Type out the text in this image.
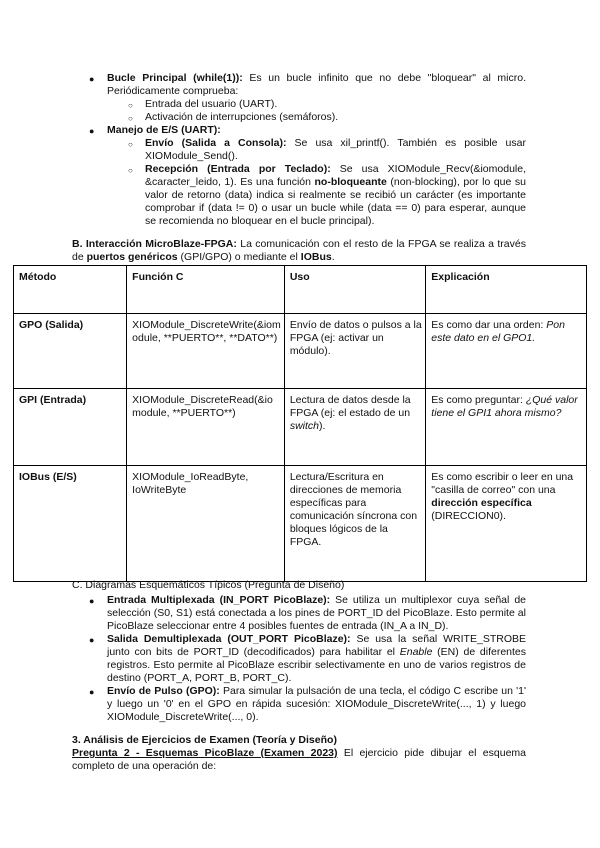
● Bucle Principal (while(1)): Es un bucle infinito que no debe "bloquear" al micro. Periódicamente comprueba:
○ Entrada del usuario (UART).
○ Activación de interrupciones (semáforos).
● Manejo de E/S (UART):
○ Envío (Salida a Consola): Se usa xil_printf(). También es posible usar XIOModule_Send().
○ Recepción (Entrada por Teclado): Se usa XIOModule_Recv(&iomodule, &caracter_leido, 1). Es una función no-bloqueante (non-blocking), por lo que su valor de retorno (data) indica si realmente se recibió un carácter (es importante comprobar if (data != 0) o usar un bucle while (data == 0) para esperar, aunque se recomienda no bloquear en el bucle principal).
B. Interacción MicroBlaze-FPGA: La comunicación con el resto de la FPGA se realiza a través de puertos genéricos (GPI/GPO) o mediante el IOBus.
Método	Función C	Uso	Explicación
GPO (Salida)	XIOModule_DiscreteWrite(&iomodule, **PUERTO**, **DATO**)	Envío de datos o pulsos a la FPGA (ej: activar un módulo).	Es como dar una orden: Pon este dato en el GPO1.
GPI (Entrada)	XIOModule_DiscreteRead(&iomodule, **PUERTO**)	Lectura de datos desde la FPGA (ej: el estado de un switch).	Es como preguntar: ¿Qué valor tiene el GPI1 ahora mismo?
IOBus (E/S)	XIOModule_IoReadByte, IoWriteByte	Lectura/Escritura en direcciones de memoria específicas para comunicación síncrona con bloques lógicos de la FPGA.	Es como escribir o leer en una "casilla de correo" con una dirección específica (DIRECCION0).
C. Diagramas Esquemáticos Típicos (Pregunta de Diseño)
● Entrada Multiplexada (IN_PORT PicoBlaze): Se utiliza un multiplexor cuya señal de selección (S0, S1) está conectada a los pines de PORT_ID del PicoBlaze. Esto permite al PicoBlaze seleccionar entre 4 posibles fuentes de entrada (IN_A a IN_D).
● Salida Demultiplexada (OUT_PORT PicoBlaze): Se usa la señal WRITE_STROBE junto con bits de PORT_ID (decodificados) para habilitar el Enable (EN) de diferentes registros. Esto permite al PicoBlaze escribir selectivamente en uno de varios registros de destino (PORT_A, PORT_B, PORT_C).
● Envío de Pulso (GPO): Para simular la pulsación de una tecla, el código C escribe un '1' y luego un '0' en el GPO en rápida sucesión: XIOModule_DiscreteWrite(..., 1) y luego XIOModule_DiscreteWrite(..., 0).
3. Análisis de Ejercicios de Examen (Teoría y Diseño)
Pregunta 2 - Esquemas PicoBlaze (Examen 2023) El ejercicio pide dibujar el esquema completo de una operación de:
